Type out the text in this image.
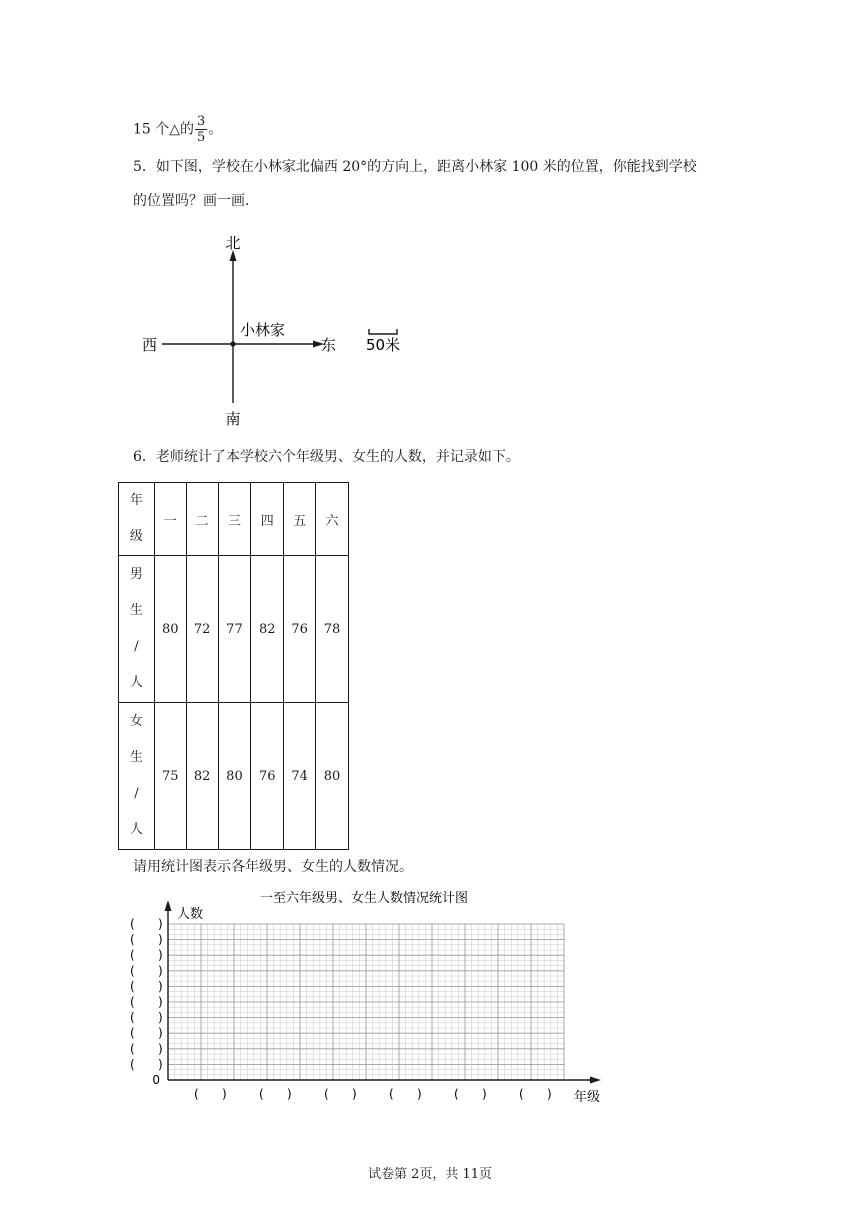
15 个△的 $\frac{3}{5}$ 。
5．如下图，学校在小林家北偏西 20°的方向上，距离小林家 100 米的位置，你能找到学校
的位置吗？画一画．
北
南
西	东
小林家
50米
6．老师统计了本学校六个年级男、女生的人数，并记录如下。
年
级	一	二	三	四	五	六

男
生
/
人	80	72	77	82	76	78

女
生
/
人	75	82	80	76	74	80
请用统计图表示各年级男、女生的人数情况。
一至六年级男、女生人数情况统计图
人数
年级
0
( )
( )
( )
( )
( )
( )
( )
( )
( )
( )
( )	( )	( )	( )	( )	( )
试卷第 2页，共 11页
